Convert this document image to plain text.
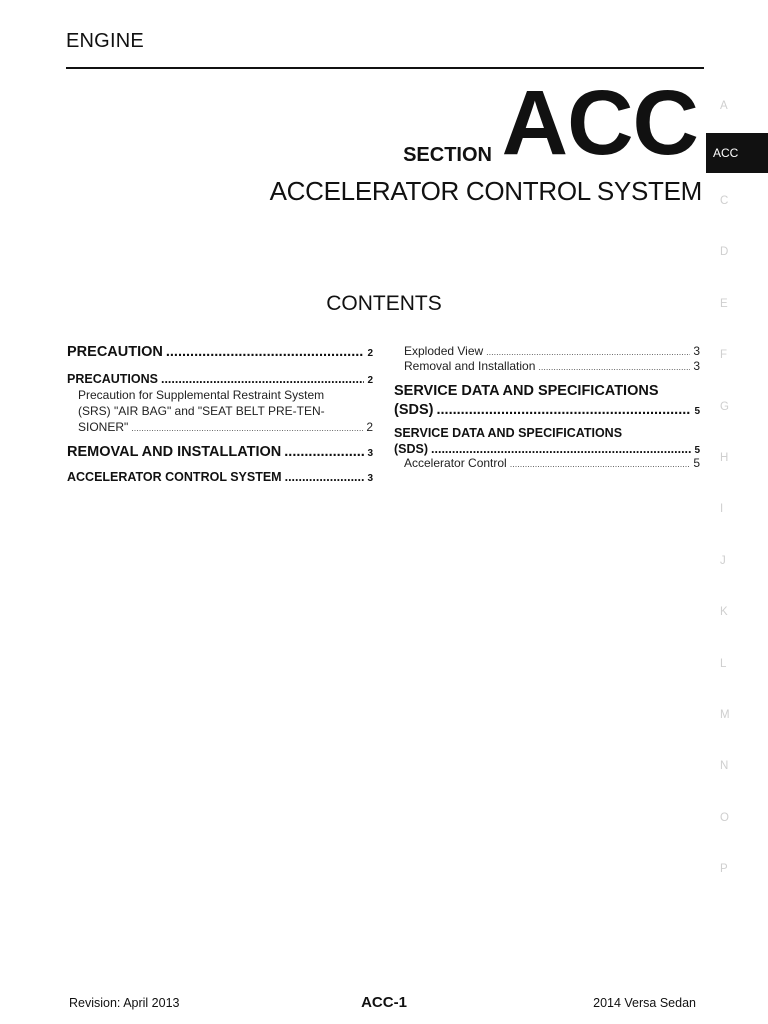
ENGINE
SECTION ACC
ACCELERATOR CONTROL SYSTEM
CONTENTS
PRECAUTION .....	2
PRECAUTIONS .....	2
Precaution for Supplemental Restraint System
(SRS) "AIR BAG" and "SEAT BELT PRE-TEN-
SIONER" .....	2
REMOVAL AND INSTALLATION .....	3
ACCELERATOR CONTROL SYSTEM .....	3
Exploded View .....	3
Removal and Installation .....	3
SERVICE DATA AND SPECIFICATIONS
(SDS) .....	5
SERVICE DATA AND SPECIFICATIONS
(SDS) .....	5
Accelerator Control .....	5
A
ACC
C
D
E
F
G
H
I
J
K
L
M
N
O
P
Revision: April 2013	ACC-1	2014 Versa Sedan
